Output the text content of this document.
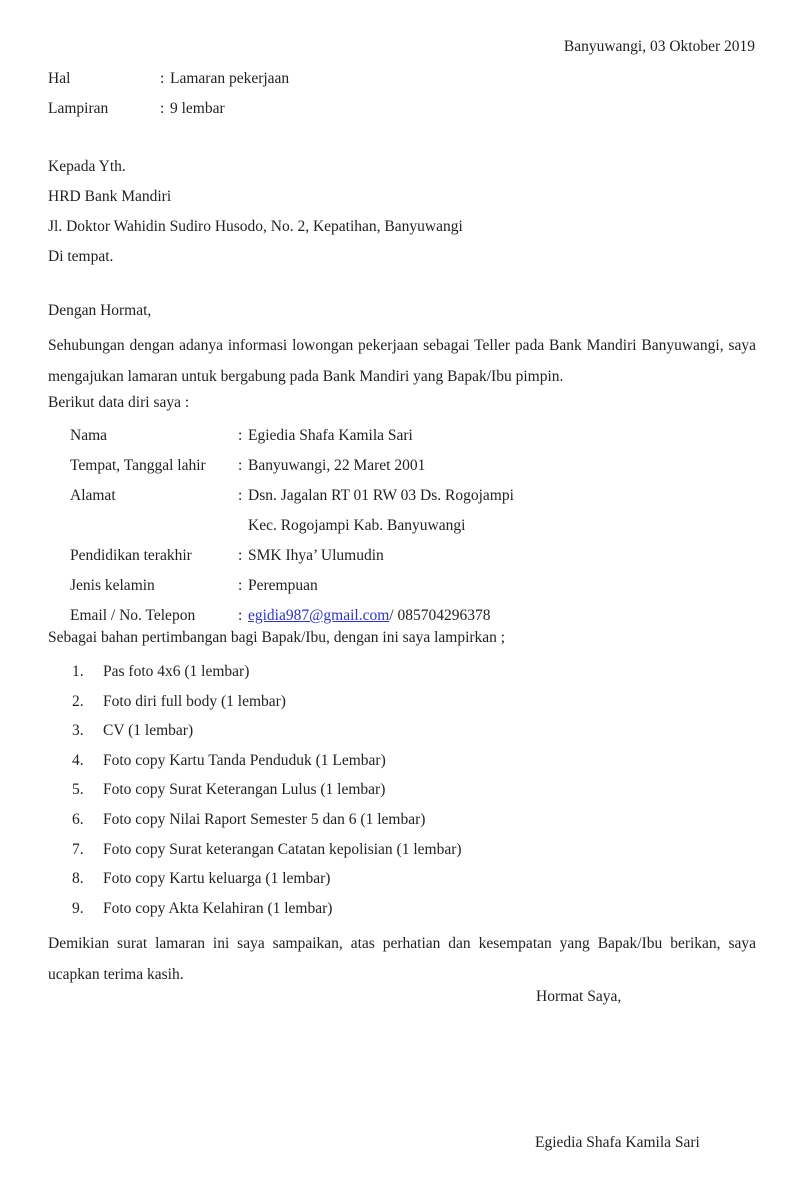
Banyuwangi, 03 Oktober 2019
Hal	: Lamaran pekerjaan
Lampiran	: 9 lembar
Kepada Yth.
HRD Bank Mandiri
Jl. Doktor Wahidin Sudiro Husodo, No. 2, Kepatihan, Banyuwangi
Di tempat.
Dengan Hormat,
Sehubungan dengan adanya informasi lowongan pekerjaan sebagai Teller pada Bank Mandiri Banyuwangi, saya mengajukan lamaran untuk bergabung pada Bank Mandiri yang Bapak/Ibu pimpin.
Berikut data diri saya :
Nama	: Egiedia Shafa Kamila Sari
Tempat, Tanggal lahir	: Banyuwangi, 22 Maret 2001
Alamat	: Dsn. Jagalan RT 01 RW 03 Ds. Rogojampi
Kec. Rogojampi Kab. Banyuwangi
Pendidikan terakhir	: SMK Ihya’ Ulumudin
Jenis kelamin	: Perempuan
Email / No. Telepon	: egidia987@gmail.com/ 085704296378
Sebagai bahan pertimbangan bagi Bapak/Ibu, dengan ini saya lampirkan ;
1.	Pas foto 4x6 (1 lembar)
2.	Foto diri full body (1 lembar)
3.	CV (1 lembar)
4.	Foto copy Kartu Tanda Penduduk (1 Lembar)
5.	Foto copy Surat Keterangan Lulus (1 lembar)
6.	Foto copy Nilai Raport Semester 5 dan 6 (1 lembar)
7.	Foto copy Surat keterangan Catatan kepolisian (1 lembar)
8.	Foto copy Kartu keluarga (1 lembar)
9.	Foto copy Akta Kelahiran (1 lembar)
Demikian surat lamaran ini saya sampaikan, atas perhatian dan kesempatan yang Bapak/Ibu berikan, saya ucapkan terima kasih.
Hormat Saya,
Egiedia Shafa Kamila Sari
